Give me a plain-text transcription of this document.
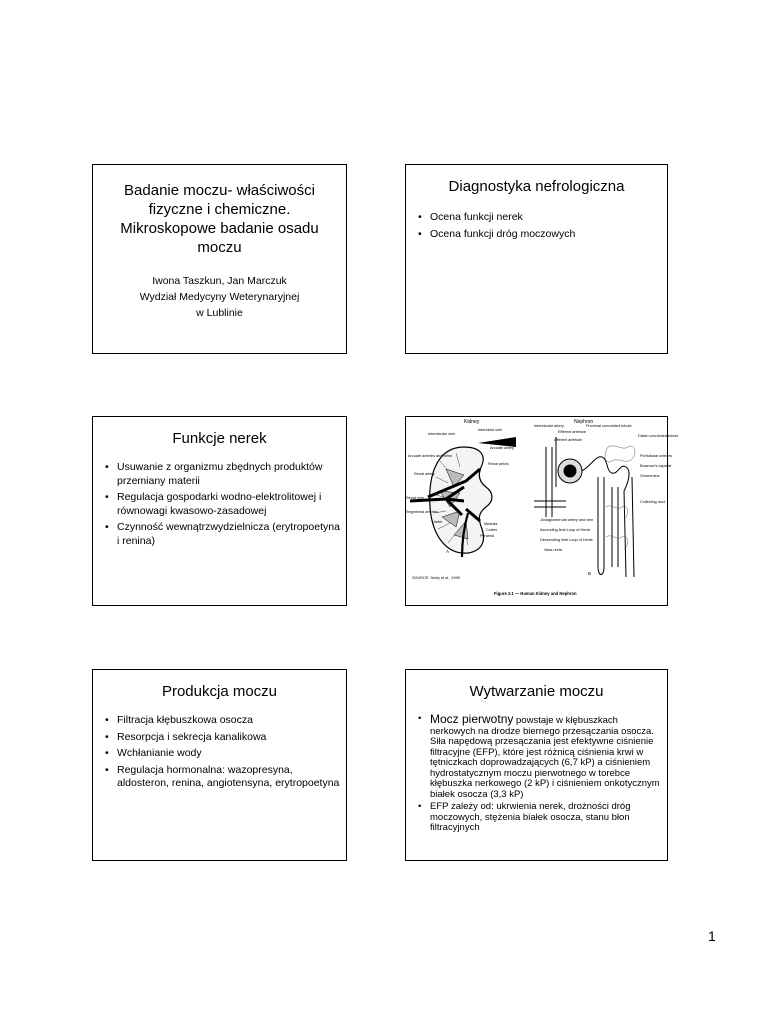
Badanie moczu- właściwości
fizyczne i chemiczne.
Mikroskopowe badanie osadu
moczu
Iwona Taszkun, Jan Marczuk
Wydział Medycyny Weterynaryjnej
w Lublinie
Diagnostyka nefrologiczna
• Ocena funkcji nerek
• Ocena funkcji dróg moczowych
Funkcje nerek
• Usuwanie z organizmu zbędnych produktów przemiany materii
• Regulacja gospodarki wodno-elektrolitowej i równowagi kwasowo-zasadowej
• Czynność wewnątrzwydzielnicza (erytropoetyna i renina)
Kidney	Nephron
Interlobular vein
Interlobar vein
Arcuate arteries and veins
Arcuate artery
Renal pelvis
Renal artery
Renal vein
Segmental arteries
Ureter	Medulla
Cortex
Pyramid
A
Interlobular artery
Efferent arteriole
Proximal convoluted tubule
Afferent arteriole
Distal convoluted tubule
Peritubular arteries
Bowman's capsule
Glomerulus
Collecting duct
Juxtaglomerular artery and vein
Ascending limb Loop of Henle
Descending limb Loop of Henle
Vasa recta
B
SOURCE: Seely et al., 1995
Figure 2.1 — Human Kidney and Nephron
Produkcja moczu
• Filtracja kłębuszkowa osocza
• Resorpcja i sekrecja kanalikowa
• Wchłanianie wody
• Regulacja hormonalna: wazopresyna, aldosteron, renina, angiotensyna, erytropoetyna
Wytwarzanie moczu
• Mocz pierwotny powstaje w kłębuszkach nerkowych na drodze biernego przesączania osocza. Siła napędową przesączania jest efektywne ciśnienie filtracyjne (EFP), które jest różnicą ciśnienia krwi w tętniczkach doprowadzających (6,7 kP) a ciśnieniem hydrostatycznym moczu pierwotnego w torebce kłębuszka nerkowego (2 kP) i ciśnieniem onkotycznym białek osocza (3,3 kP)
• EFP zależy od: ukrwienia nerek, drożności dróg moczowych, stężenia białek osocza, stanu błon filtracyjnych
1
